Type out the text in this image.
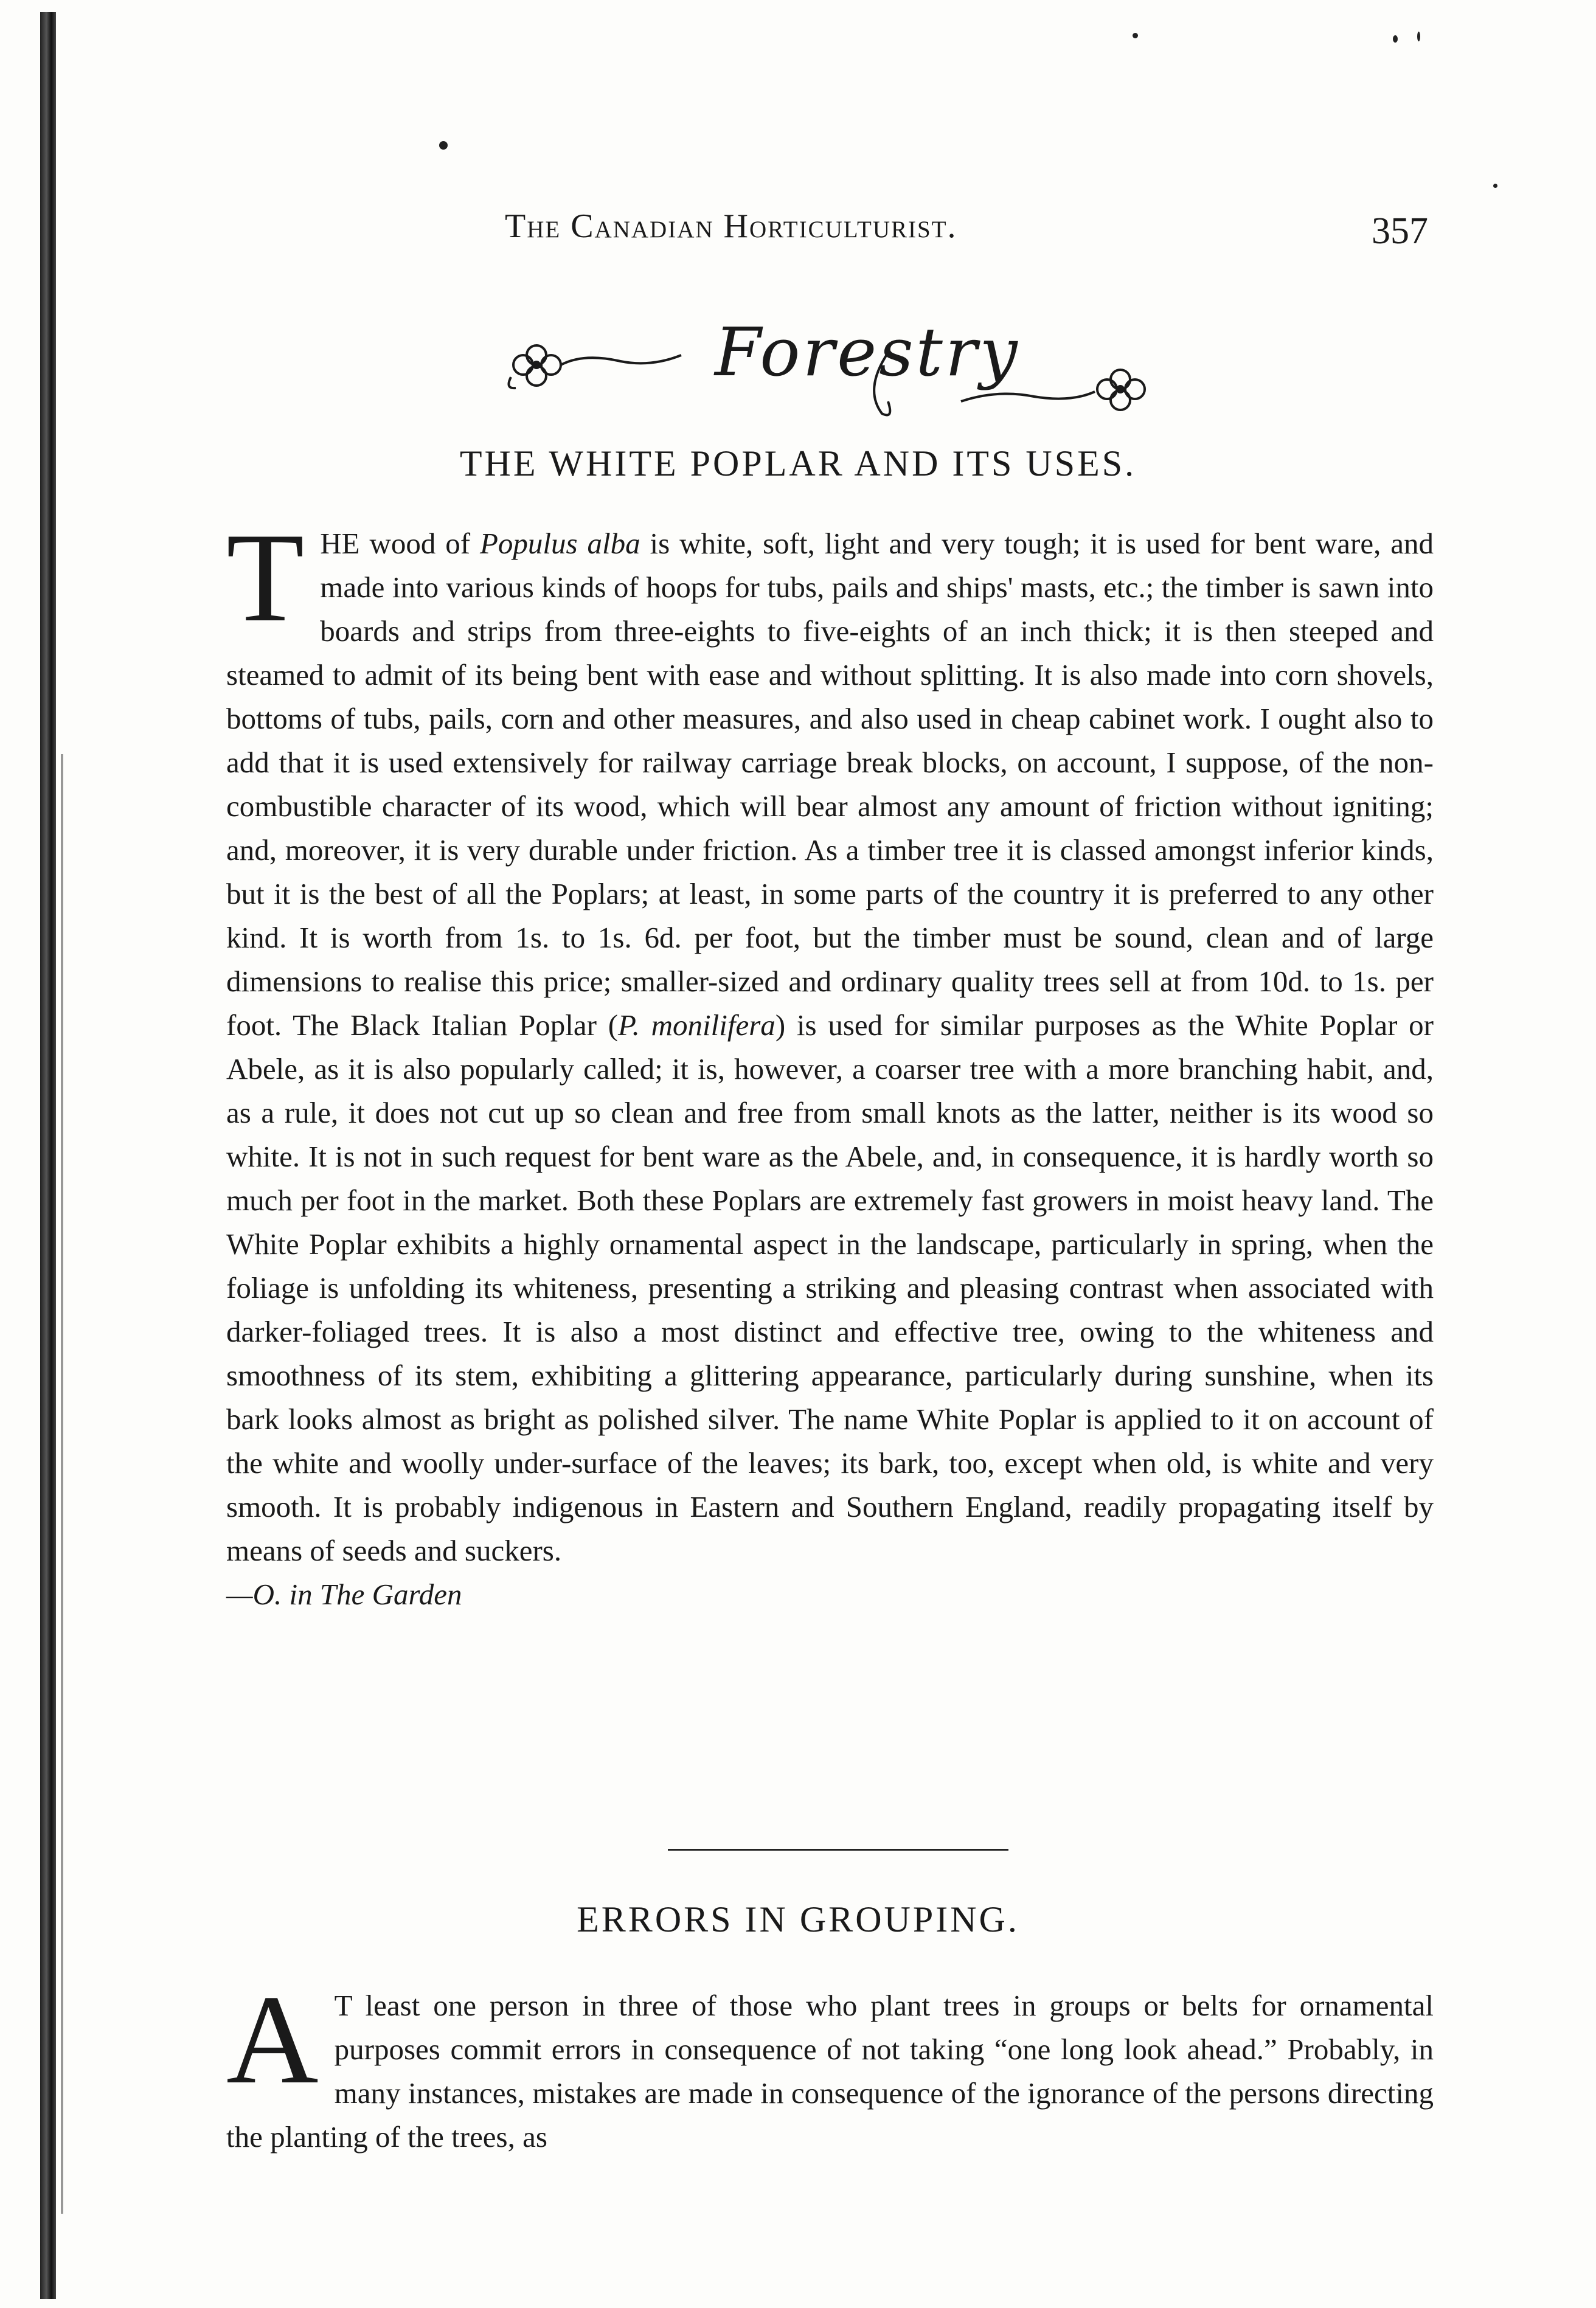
The Canadian Horticulturist.	357
Forestry
THE WHITE POPLAR AND ITS USES.
THE wood of Populus alba is white, soft, light and very tough; it is used for bent ware, and made into various kinds of hoops for tubs, pails and ships' masts, etc.; the timber is sawn into boards and strips from three-eights to five-eights of an inch thick; it is then steeped and steamed to admit of its being bent with ease and without splitting. It is also made into corn shovels, bottoms of tubs, pails, corn and other measures, and also used in cheap cabinet work. I ought also to add that it is used extensively for railway carriage break blocks, on account, I suppose, of the non-combustible character of its wood, which will bear almost any amount of friction without igniting; and, moreover, it is very durable under friction. As a timber tree it is classed amongst inferior kinds, but it is the best of all the Poplars; at least, in some parts of the country it is preferred to any other kind. It is worth from 1s. to 1s. 6d. per foot, but the timber must be sound, clean and of large dimensions to realise this price; smaller-sized and ordinary quality trees sell at from 10d. to 1s. per foot. The Black Italian Poplar (P. monilifera) is used for similar purposes as the White Poplar or Abele, as it is also popularly called; it is, however, a coarser tree with a more branching habit, and, as a rule, it does not cut up so clean and free from small knots as the latter, neither is its wood so white. It is not in such request for bent ware as the Abele, and, in consequence, it is hardly worth so much per foot in the market. Both these Poplars are extremely fast growers in moist heavy land. The White Poplar exhibits a highly ornamental aspect in the landscape, particularly in spring, when the foliage is unfolding its whiteness, presenting a striking and pleasing contrast when associated with darker-foliaged trees. It is also a most distinct and effective tree, owing to the whiteness and smoothness of its stem, exhibiting a glittering appearance, particularly during sunshine, when its bark looks almost as bright as polished silver. The name White Poplar is applied to it on account of the white and woolly under-surface of the leaves; its bark, too, except when old, is white and very smooth. It is probably indigenous in Eastern and Southern England, readily propagating itself by means of seeds and suckers.
—O. in The Garden
ERRORS IN GROUPING.
A T least one person in three of those who plant trees in groups or belts for ornamental purposes commit errors in consequence of not taking “one long look ahead.” Probably, in many instances, mistakes are made in consequence of the ignorance of the persons directing the planting of the trees, as
